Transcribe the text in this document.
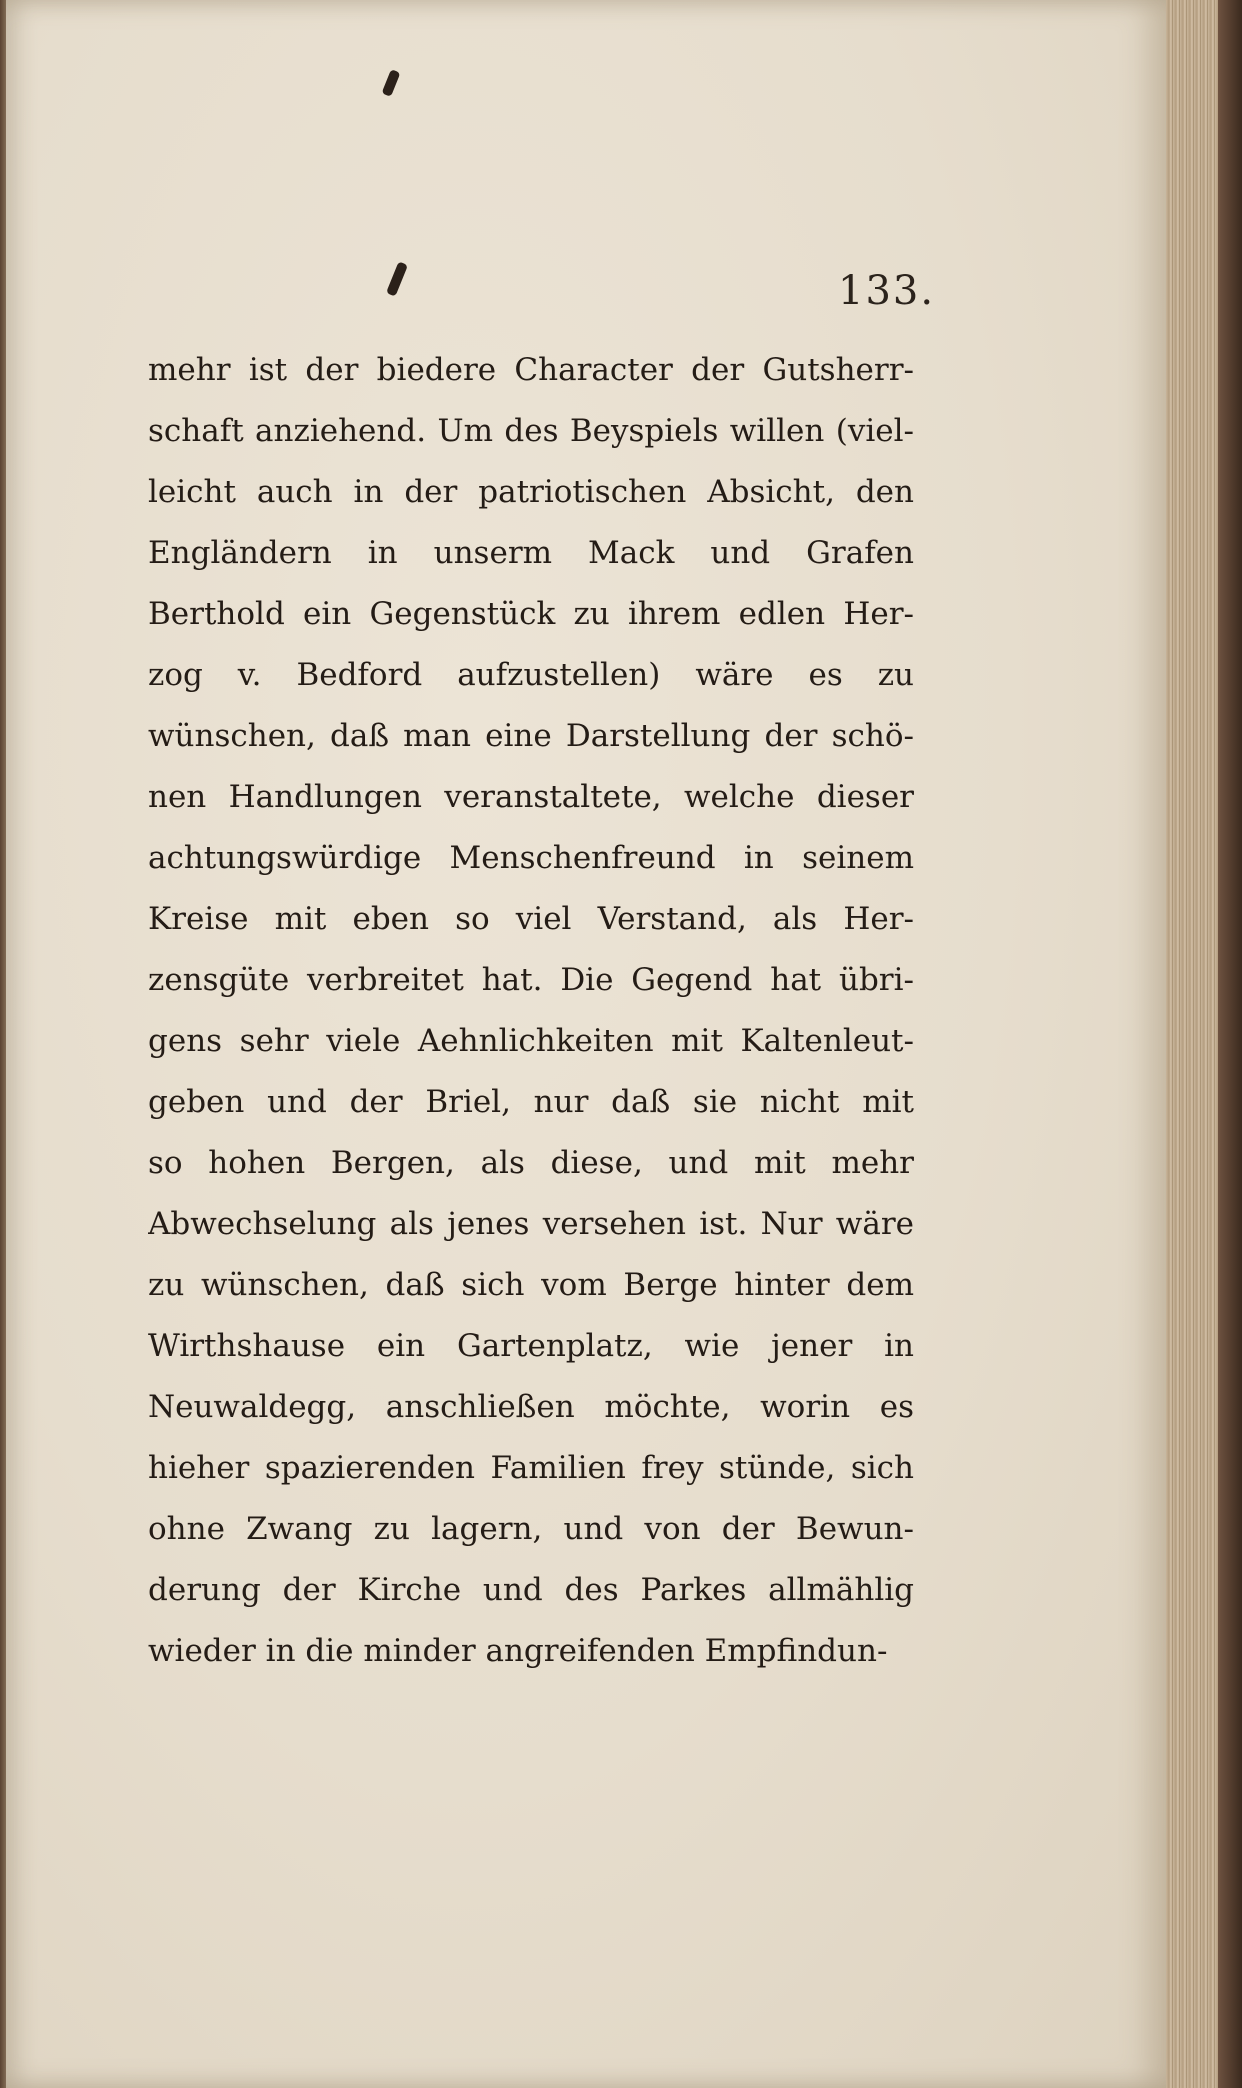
133.
mehr ist der biedere Character der Gutsherr-
schaft anziehend. Um des Beyspiels willen (viel-
leicht auch in der patriotischen Absicht, den
Engländern in unserm Mack und Grafen
Berthold ein Gegenstück zu ihrem edlen Her-
zog v. Bedford aufzustellen) wäre es zu
wünschen, daß man eine Darstellung der schö-
nen Handlungen veranstaltete, welche dieser
achtungswürdige Menschenfreund in seinem
Kreise mit eben so viel Verstand, als Her-
zensgüte verbreitet hat. Die Gegend hat übri-
gens sehr viele Aehnlichkeiten mit Kaltenleut-
geben und der Briel, nur daß sie nicht mit
so hohen Bergen, als diese, und mit mehr
Abwechselung als jenes versehen ist. Nur wäre
zu wünschen, daß sich vom Berge hinter dem
Wirthshause ein Gartenplatz, wie jener in
Neuwaldegg, anschließen möchte, worin es
hieher spazierenden Familien frey stünde, sich
ohne Zwang zu lagern, und von der Bewun-
derung der Kirche und des Parkes allmählig
wieder in die minder angreifenden Empfindun-
